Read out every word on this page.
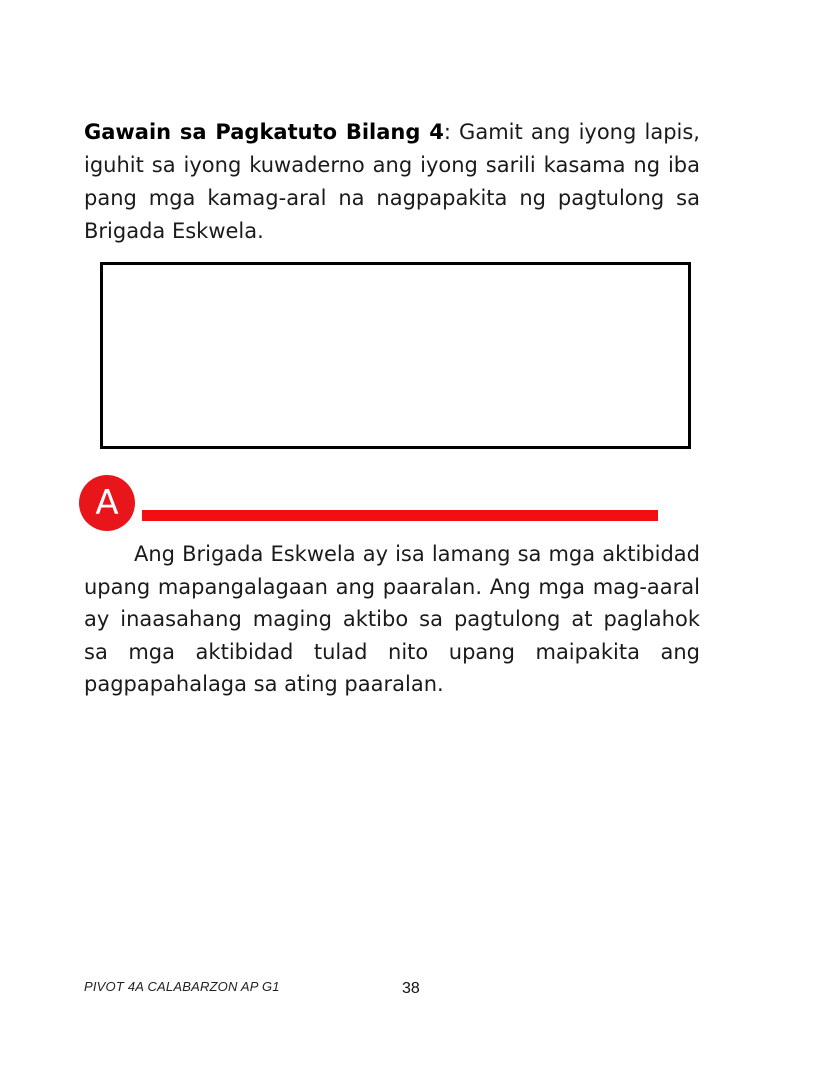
Gawain sa Pagkatuto Bilang 4: Gamit ang iyong lapis, iguhit sa iyong kuwaderno ang iyong sarili kasama ng iba pang mga kamag-aral na nagpapakita ng pagtulong sa Brigada Eskwela.

A

Ang Brigada Eskwela ay isa lamang sa mga aktibidad upang mapangalagaan ang paaralan. Ang mga mag-aaral ay inaasahang maging aktibo sa pagtulong at paglahok sa mga aktibidad tulad nito upang maipakita ang pagpapahalaga sa ating paaralan.

PIVOT 4A CALABARZON AP G1	38
